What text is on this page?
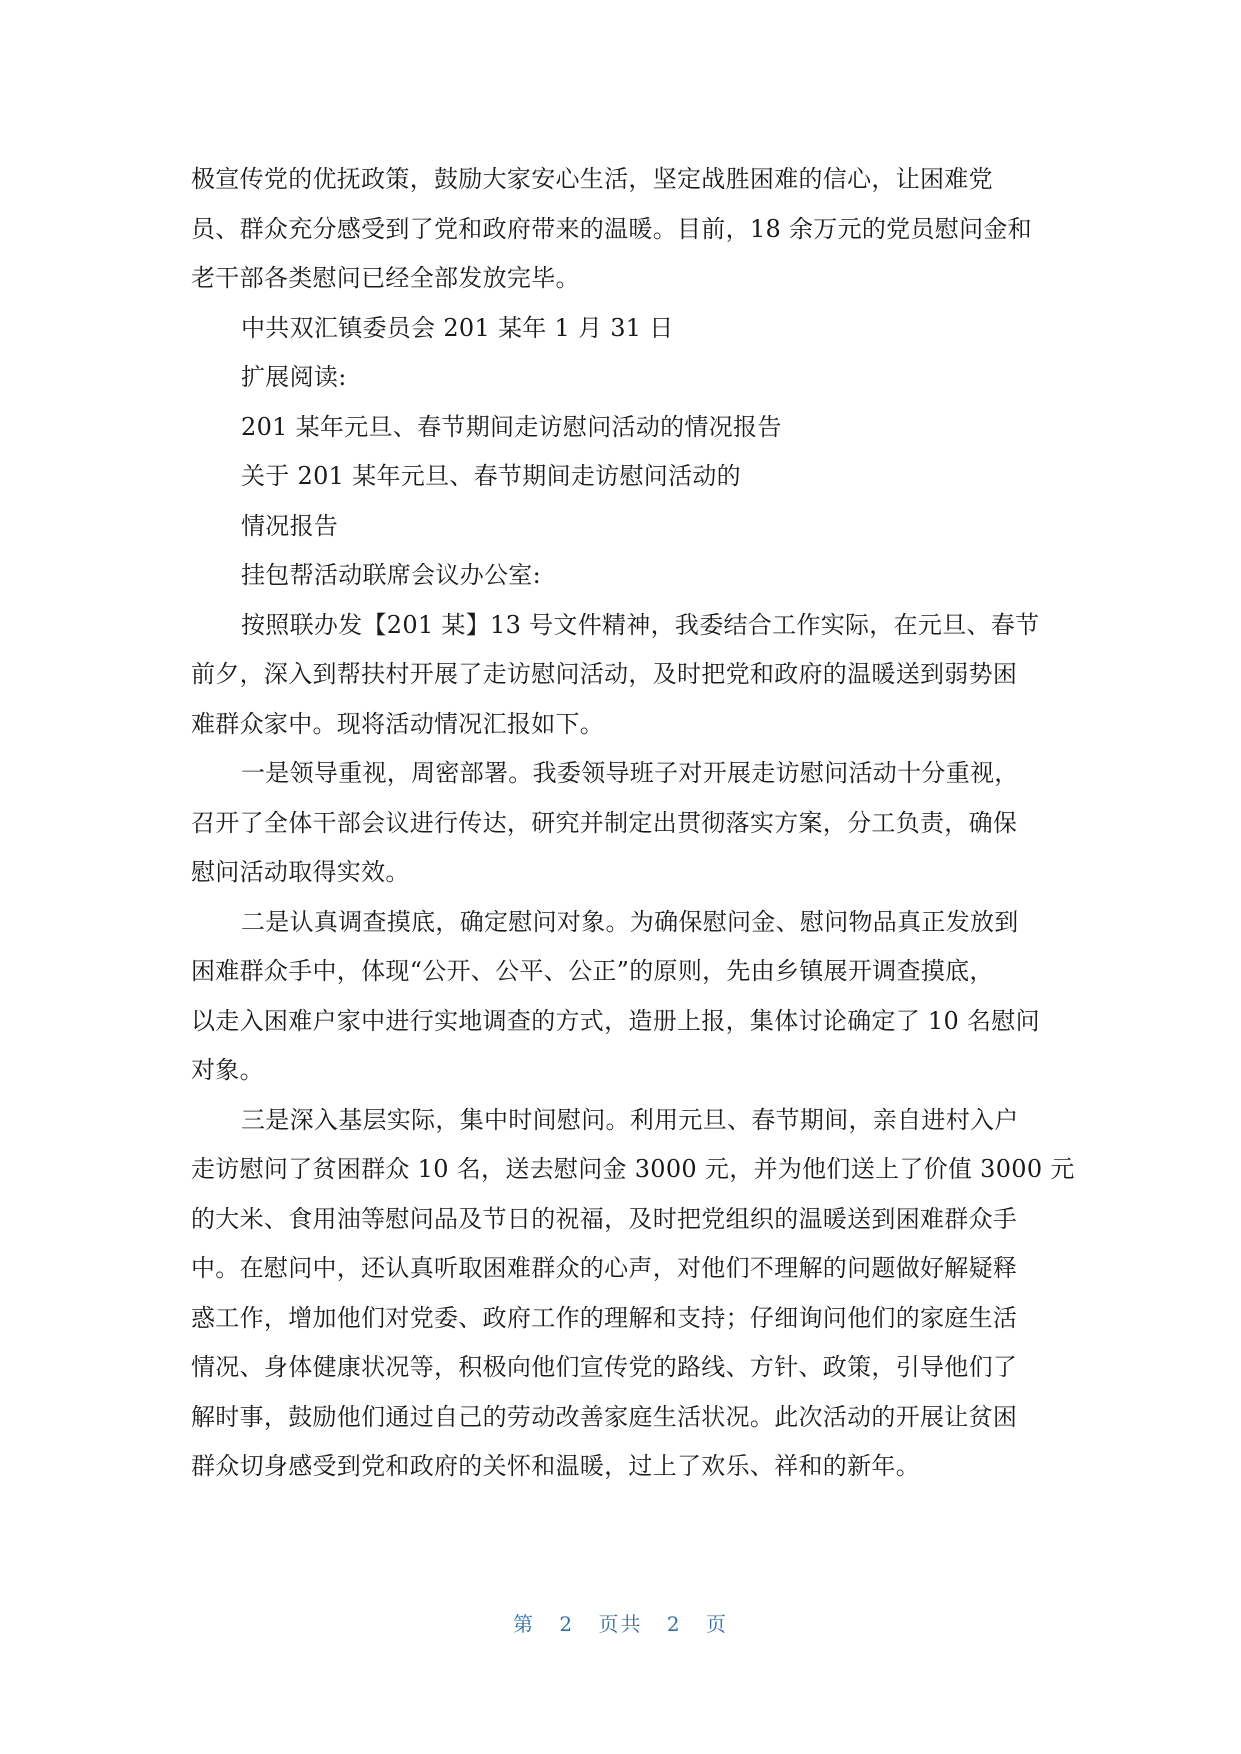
极宣传党的优抚政策，鼓励大家安心生活，坚定战胜困难的信心，让困难党
员、群众充分感受到了党和政府带来的温暖。目前，18 余万元的党员慰问金和
老干部各类慰问已经全部发放完毕。
中共双汇镇委员会 201 某年 1 月 31 日
扩展阅读:
201 某年元旦、春节期间走访慰问活动的情况报告
关于 201 某年元旦、春节期间走访慰问活动的
情况报告
挂包帮活动联席会议办公室:
按照联办发【201 某】13 号文件精神，我委结合工作实际，在元旦、春节
前夕，深入到帮扶村开展了走访慰问活动，及时把党和政府的温暖送到弱势困
难群众家中。现将活动情况汇报如下。
一是领导重视，周密部署。我委领导班子对开展走访慰问活动十分重视，
召开了全体干部会议进行传达，研究并制定出贯彻落实方案，分工负责，确保
慰问活动取得实效。
二是认真调查摸底，确定慰问对象。为确保慰问金、慰问物品真正发放到
困难群众手中，体现“公开、公平、公正”的原则，先由乡镇展开调查摸底，
以走入困难户家中进行实地调查的方式，造册上报，集体讨论确定了 10 名慰问
对象。
三是深入基层实际，集中时间慰问。利用元旦、春节期间，亲自进村入户
走访慰问了贫困群众 10 名，送去慰问金 3000 元，并为他们送上了价值 3000 元
的大米、食用油等慰问品及节日的祝福，及时把党组织的温暖送到困难群众手
中。在慰问中，还认真听取困难群众的心声，对他们不理解的问题做好解疑释
惑工作，增加他们对党委、政府工作的理解和支持；仔细询问他们的家庭生活
情况、身体健康状况等，积极向他们宣传党的路线、方针、政策，引导他们了
解时事，鼓励他们通过自己的劳动改善家庭生活状况。此次活动的开展让贫困
群众切身感受到党和政府的关怀和温暖，过上了欢乐、祥和的新年。
第 2 页共 2 页
